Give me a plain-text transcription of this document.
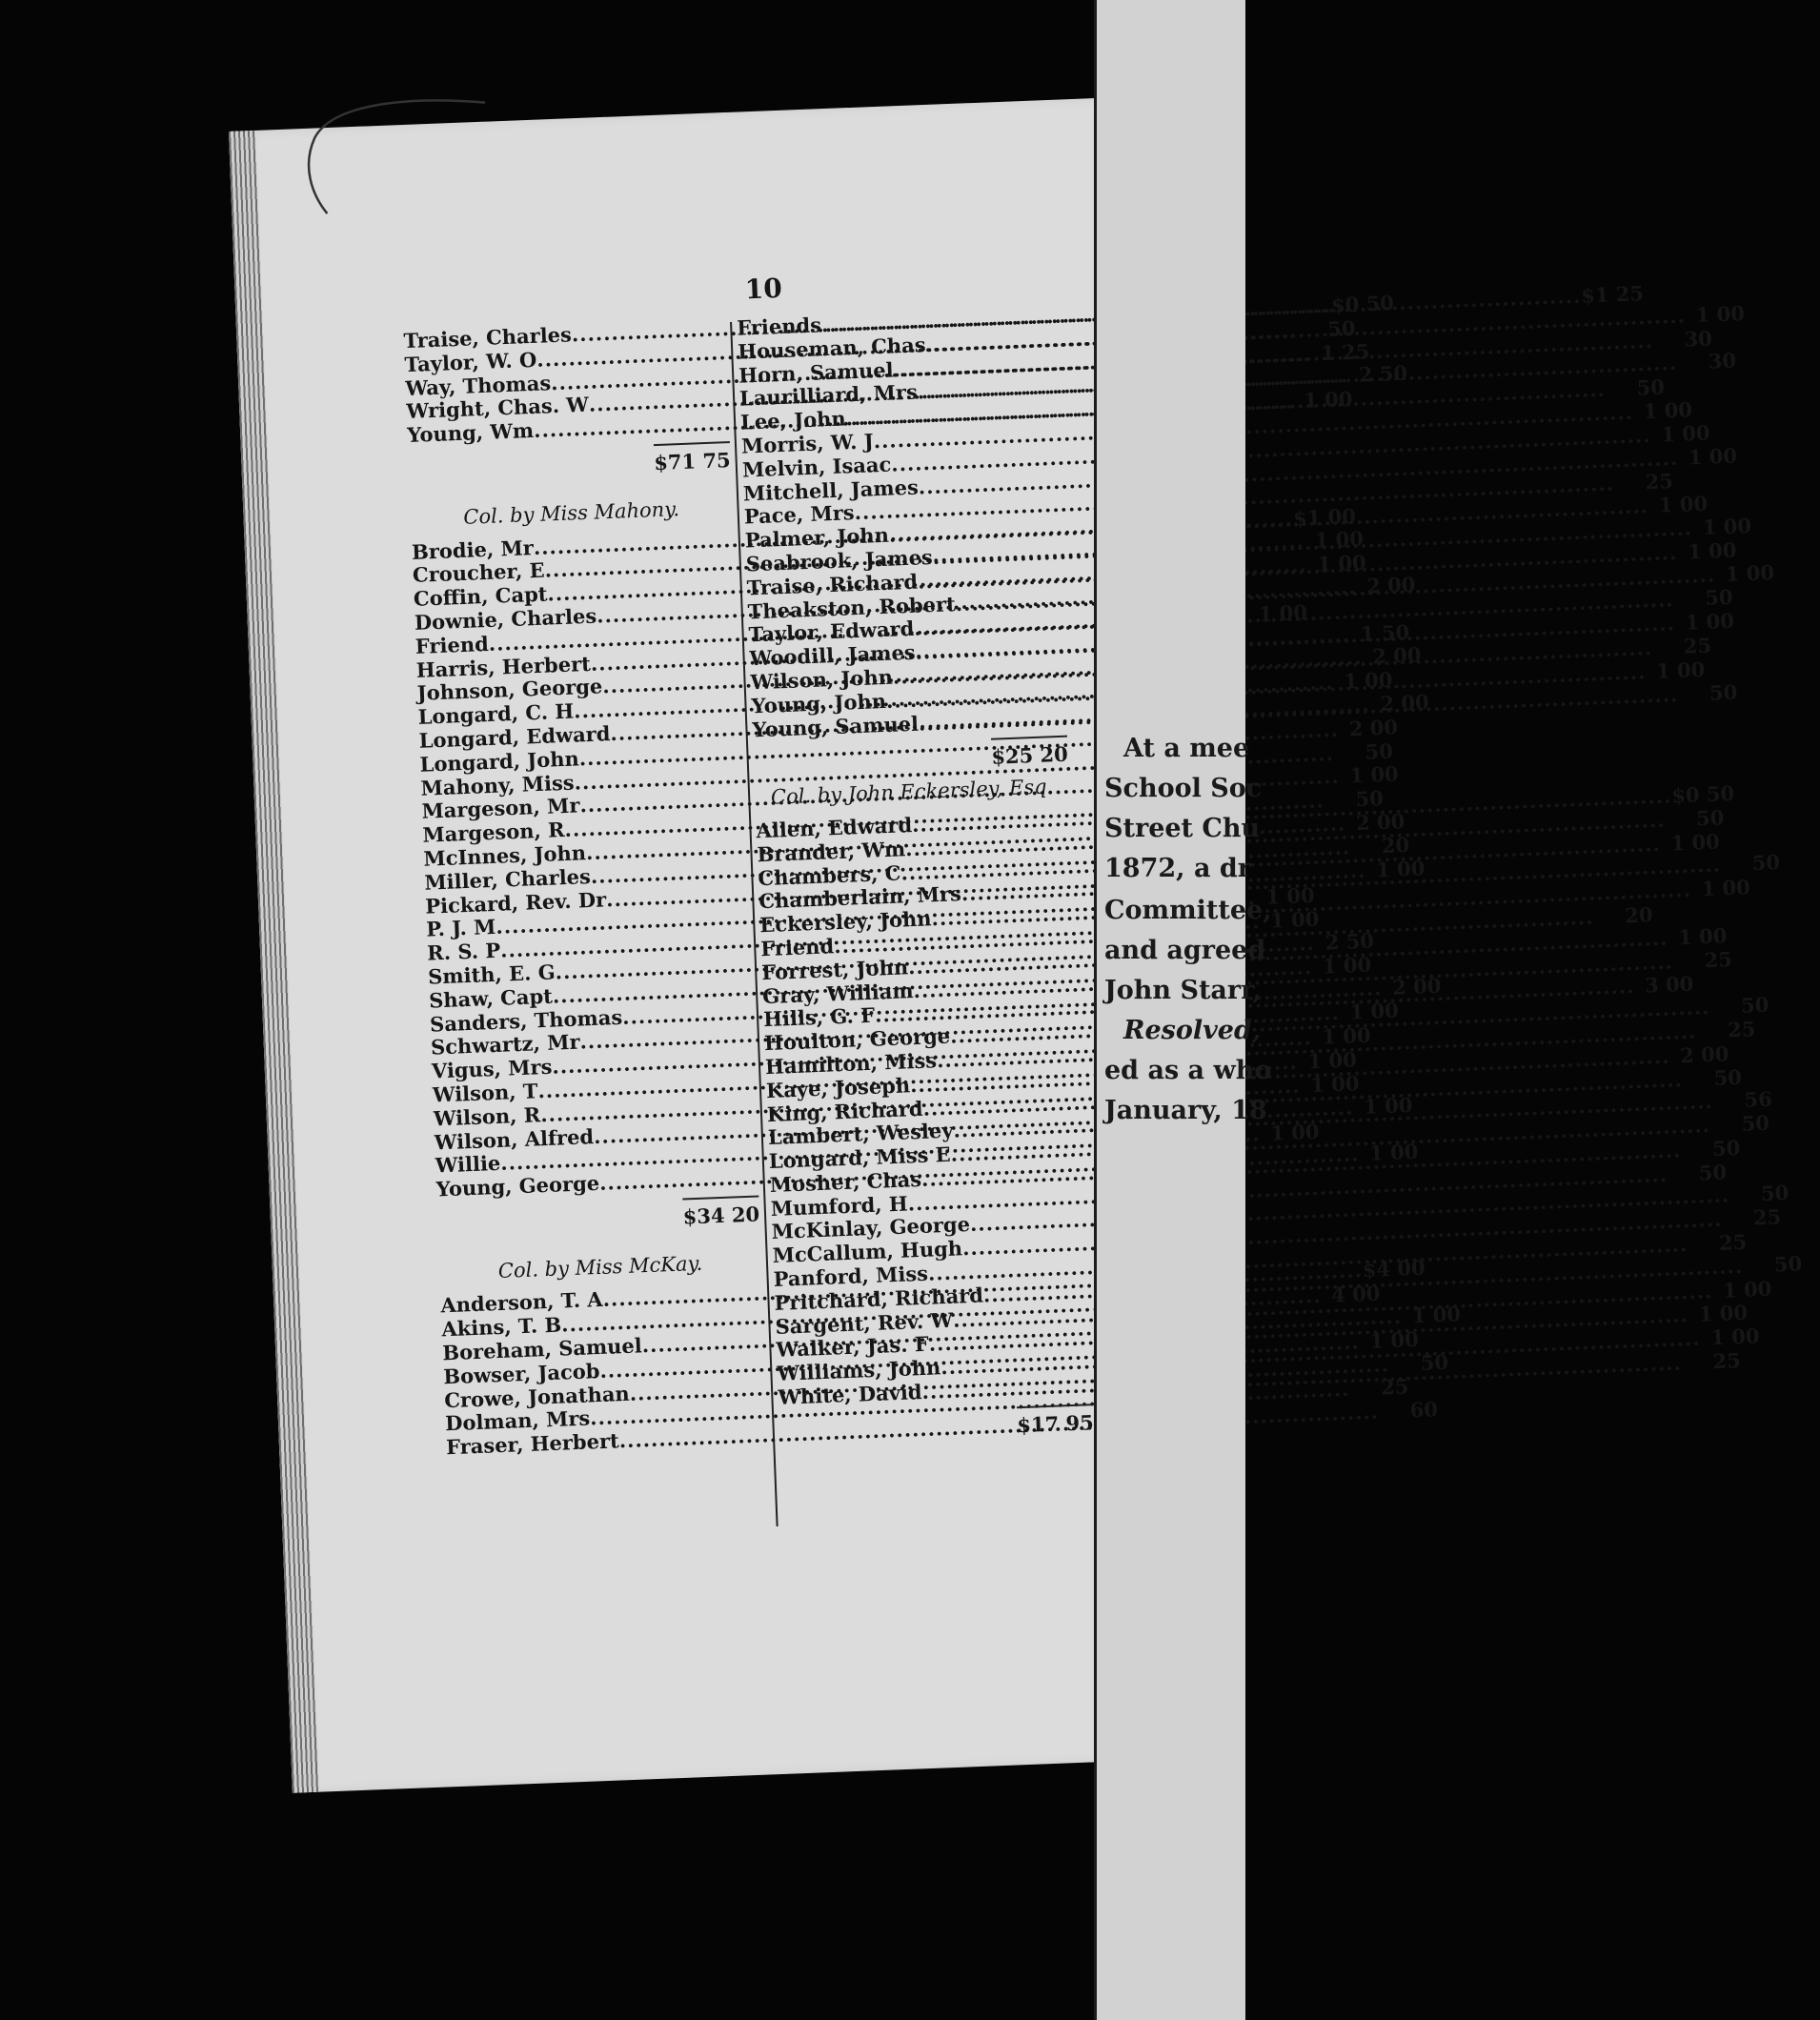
10
Traise, Charles
.....
$0 50
Taylor, W. O
.....
50
Way, Thomas
.....
1 25
Wright, Chas. W
.....
2 50
Young, Wm
.....
1 00
$71 75
Col. by Miss Mahony.
Brodie, Mr
.....
$1 00
Croucher, E
.....
1 00
Coffin, Capt
.....
1 00
Downie, Charles
.....
2 00
Friend
.....
1 00
Harris, Herbert
.....
1 50
Johnson, George
.....
2 00
Longard, C. H
.....
1 00
Longard, Edward
.....
2 00
Longard, John
.....
2 00
Mahony, Miss
.....
50
Margeson, Mr
.....
1 00
Margeson, R
.....
50
McInnes, John
.....
2 00
Miller, Charles
.....
20
Pickard, Rev. Dr
.....
1 00
P. J. M
.....
1 00
R. S. P
.....
1 00
Smith, E. G
.....
2 50
Shaw, Capt
.....
1 00
Sanders, Thomas
.....
2 00
Schwartz, Mr
.....
1 00
Vigus, Mrs
.....
1 00
Wilson, T
.....
1 00
Wilson, R
.....
1 00
Wilson, Alfred
.....
1 00
Willie
.....
1 00
Young, George
.....
1 00
$34 20
Col. by Miss McKay.
Anderson, T. A
.....
$4 00
Akins, T. B
.....
4 00
Boreham, Samuel
.....
1 00
Bowser, Jacob
.....
1 00
Crowe, Jonathan
.....
50
Dolman, Mrs
.....
25
Fraser, Herbert
.....
60
Friends
.....
$1 25
Houseman, Chas
.....
1 00
Horn, Samuel
.....
30
Laurilliard, Mrs
.....
30
Lee, John
.....
50
Morris, W. J
.....
1 00
Melvin, Isaac
.....
1 00
Mitchell, James
.....
1 00
Pace, Mrs
.....
25
Palmer, John
.....
1 00
Seabrook, James
.....
1 00
Traise, Richard
.....
1 00
Theakston, Robert
.....
1 00
Taylor, Edward
.....
50
Woodill, James
.....
1 00
Wilson, John
.....
25
Young, John
.....
1 00
Young, Samuel
.....
50
$25 20
Col. by John Eckersley, Esq.
Allen, Edward
.....
$0 50
Brander, Wm
.....
50
Chambers, C
.....
1 00
Chamberlain, Mrs
.....
50
Eckersley, John
.....
1 00
Friend
.....
20
Forrest, John
.....
1 00
Gray, William
.....
25
Hills, G. F
.....
3 00
Houlton, George
.....
50
Hamilton, Miss
.....
25
Kaye, Joseph
.....
2 00
King, Richard
.....
50
Lambert, Wesley
.....
56
Longard, Miss E
.....
50
Mosher, Chas
.....
50
Mumford, H
.....
50
McKinlay, George
.....
50
McCallum, Hugh
.....
25
Panford, Miss
.....
25
Pritchard, Richard
.....
50
Sargent, Rev. W
.....
1 00
Walker, Jas. F
.....
1 00
Williams, John
.....
1 00
White, David
.....
25
$17 95
At a mee
School Soc
Street Chu
1872, a dr
Committee,
and agreed
John Starr,
Resolved,
ed as a who
January, 18
